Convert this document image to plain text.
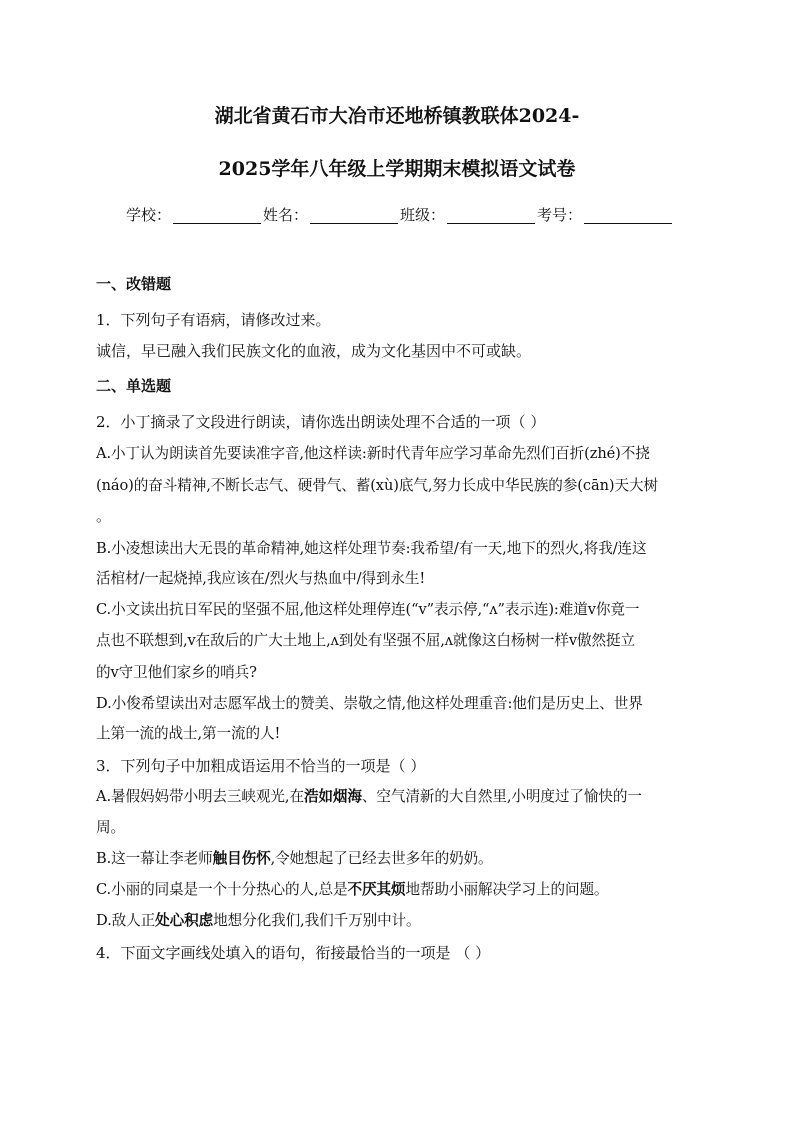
湖北省黄石市大冶市还地桥镇教联体2024-
2025学年八年级上学期期末模拟语文试卷
学校：	姓名：	班级：	考号：
一、改错题
1．下列句子有语病，请修改过来。
诚信，早已融入我们民族文化的血液，成为文化基因中不可或缺。
二、单选题
2．小丁摘录了文段进行朗读，请你选出朗读处理不合适的一项（ ）
A.小丁认为朗读首先要读准字音,他这样读:新时代青年应学习革命先烈们百折(zhé)不挠
(náo)的奋斗精神,不断长志气、硬骨气、蓄(xù)底气,努力长成中华民族的参(cān)天大树
。
B.小凌想读出大无畏的革命精神,她这样处理节奏:我希望/有一天,地下的烈火,将我/连这
活棺材/一起烧掉,我应该在/烈火与热血中/得到永生!
C.小文读出抗日军民的坚强不屈,他这样处理停连(“v”表示停,“ʌ”表示连):难道v你竟一
点也不联想到,v在敌后的广大土地上,ʌ到处有坚强不屈,ʌ就像这白杨树一样v傲然挺立
的v守卫他们家乡的哨兵?
D.小俊希望读出对志愿军战士的赞美、崇敬之情,他这样处理重音:他们是历史上、世界
上第一流的战士,第一流的人!
3．下列句子中加粗成语运用不恰当的一项是（ ）
A.暑假妈妈带小明去三峡观光,在浩如烟海、空气清新的大自然里,小明度过了愉快的一
周。
B.这一幕让李老师触目伤怀,令她想起了已经去世多年的奶奶。
C.小丽的同桌是一个十分热心的人,总是不厌其烦地帮助小丽解决学习上的问题。
D.敌人正处心积虑地想分化我们,我们千万别中计。
4．下面文字画线处填入的语句，衔接最恰当的一项是 （ ）
